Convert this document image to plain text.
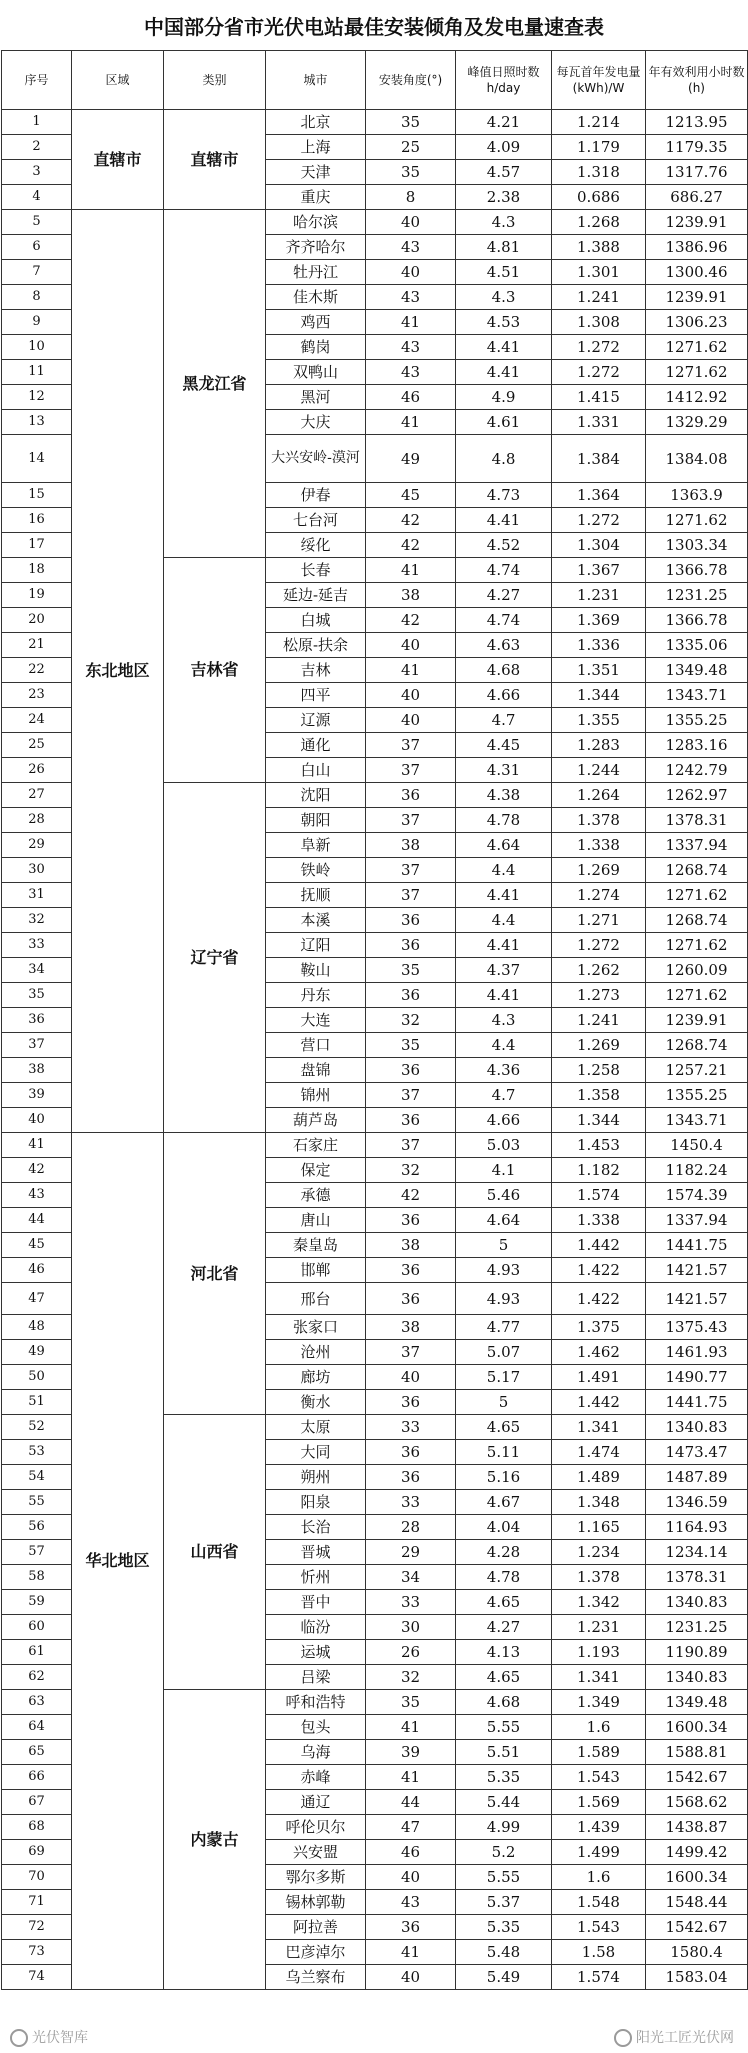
中国部分省市光伏电站最佳安装倾角及发电量速查表
序号	区域	类别	城市	安装角度(°)	峰值日照时数h/day	每瓦首年发电量(kWh)/W	年有效利用小时数(h)
1	直辖市	直辖市	北京	35	4.21	1.214	1213.95
2			上海	25	4.09	1.179	1179.35
3			天津	35	4.57	1.318	1317.76
4			重庆	8	2.38	0.686	686.27
5	东北地区	黑龙江省	哈尔滨	40	4.3	1.268	1239.91
6			齐齐哈尔	43	4.81	1.388	1386.96
7			牡丹江	40	4.51	1.301	1300.46
8			佳木斯	43	4.3	1.241	1239.91
9			鸡西	41	4.53	1.308	1306.23
10			鹤岗	43	4.41	1.272	1271.62
11			双鸭山	43	4.41	1.272	1271.62
12			黑河	46	4.9	1.415	1412.92
13			大庆	41	4.61	1.331	1329.29
14			大兴安岭-漠河	49	4.8	1.384	1384.08
15			伊春	45	4.73	1.364	1363.9
16			七台河	42	4.41	1.272	1271.62
17			绥化	42	4.52	1.304	1303.34
18		吉林省	长春	41	4.74	1.367	1366.78
19			延边-延吉	38	4.27	1.231	1231.25
20			白城	42	4.74	1.369	1366.78
21			松原-扶余	40	4.63	1.336	1335.06
22			吉林	41	4.68	1.351	1349.48
23			四平	40	4.66	1.344	1343.71
24			辽源	40	4.7	1.355	1355.25
25			通化	37	4.45	1.283	1283.16
26			白山	37	4.31	1.244	1242.79
27		辽宁省	沈阳	36	4.38	1.264	1262.97
28			朝阳	37	4.78	1.378	1378.31
29			阜新	38	4.64	1.338	1337.94
30			铁岭	37	4.4	1.269	1268.74
31			抚顺	37	4.41	1.274	1271.62
32			本溪	36	4.4	1.271	1268.74
33			辽阳	36	4.41	1.272	1271.62
34			鞍山	35	4.37	1.262	1260.09
35			丹东	36	4.41	1.273	1271.62
36			大连	32	4.3	1.241	1239.91
37			营口	35	4.4	1.269	1268.74
38			盘锦	36	4.36	1.258	1257.21
39			锦州	37	4.7	1.358	1355.25
40			葫芦岛	36	4.66	1.344	1343.71
41	华北地区	河北省	石家庄	37	5.03	1.453	1450.4
42			保定	32	4.1	1.182	1182.24
43			承德	42	5.46	1.574	1574.39
44			唐山	36	4.64	1.338	1337.94
45			秦皇岛	38	5	1.442	1441.75
46			邯郸	36	4.93	1.422	1421.57
47			邢台	36	4.93	1.422	1421.57
48			张家口	38	4.77	1.375	1375.43
49			沧州	37	5.07	1.462	1461.93
50			廊坊	40	5.17	1.491	1490.77
51			衡水	36	5	1.442	1441.75
52		山西省	太原	33	4.65	1.341	1340.83
53			大同	36	5.11	1.474	1473.47
54			朔州	36	5.16	1.489	1487.89
55			阳泉	33	4.67	1.348	1346.59
56			长治	28	4.04	1.165	1164.93
57			晋城	29	4.28	1.234	1234.14
58			忻州	34	4.78	1.378	1378.31
59			晋中	33	4.65	1.342	1340.83
60			临汾	30	4.27	1.231	1231.25
61			运城	26	4.13	1.193	1190.89
62			吕梁	32	4.65	1.341	1340.83
63		内蒙古	呼和浩特	35	4.68	1.349	1349.48
64			包头	41	5.55	1.6	1600.34
65			乌海	39	5.51	1.589	1588.81
66			赤峰	41	5.35	1.543	1542.67
67			通辽	44	5.44	1.569	1568.62
68			呼伦贝尔	47	4.99	1.439	1438.87
69			兴安盟	46	5.2	1.499	1499.42
70			鄂尔多斯	40	5.55	1.6	1600.34
71			锡林郭勒	43	5.37	1.548	1548.44
72			阿拉善	36	5.35	1.543	1542.67
73			巴彦淖尔	41	5.48	1.58	1580.4
74			乌兰察布	40	5.49	1.574	1583.04
光伏智库	阳光工匠光伏网
